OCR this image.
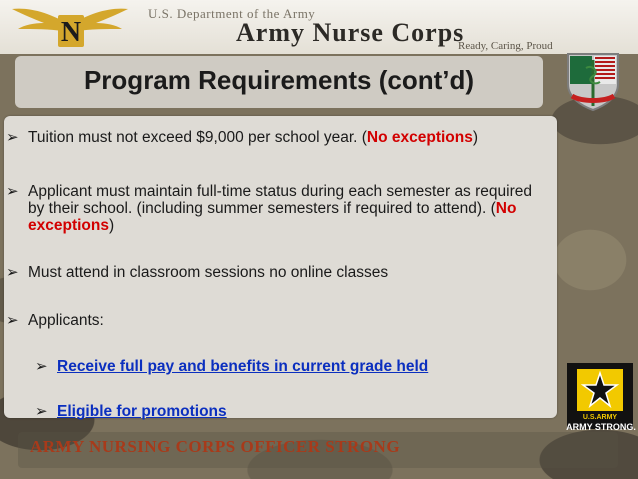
N
U.S. Department of the Army
Army Nurse Corps
Ready, Caring, Proud
Program Requirements (cont’d)
➢ Tuition must not exceed $9,000 per school year. (No exceptions)
➢ Applicant must maintain full-time status during each semester as required by their school. (including summer semesters if required to attend). (No exceptions)
➢ Must attend in classroom sessions no online classes
➢ Applicants:
➢ Receive full pay and benefits in current grade held
➢ Eligible for promotions	U.S.ARMY
ARMY STRONG.
ARMY NURSING CORPS OFFICER STRONG
